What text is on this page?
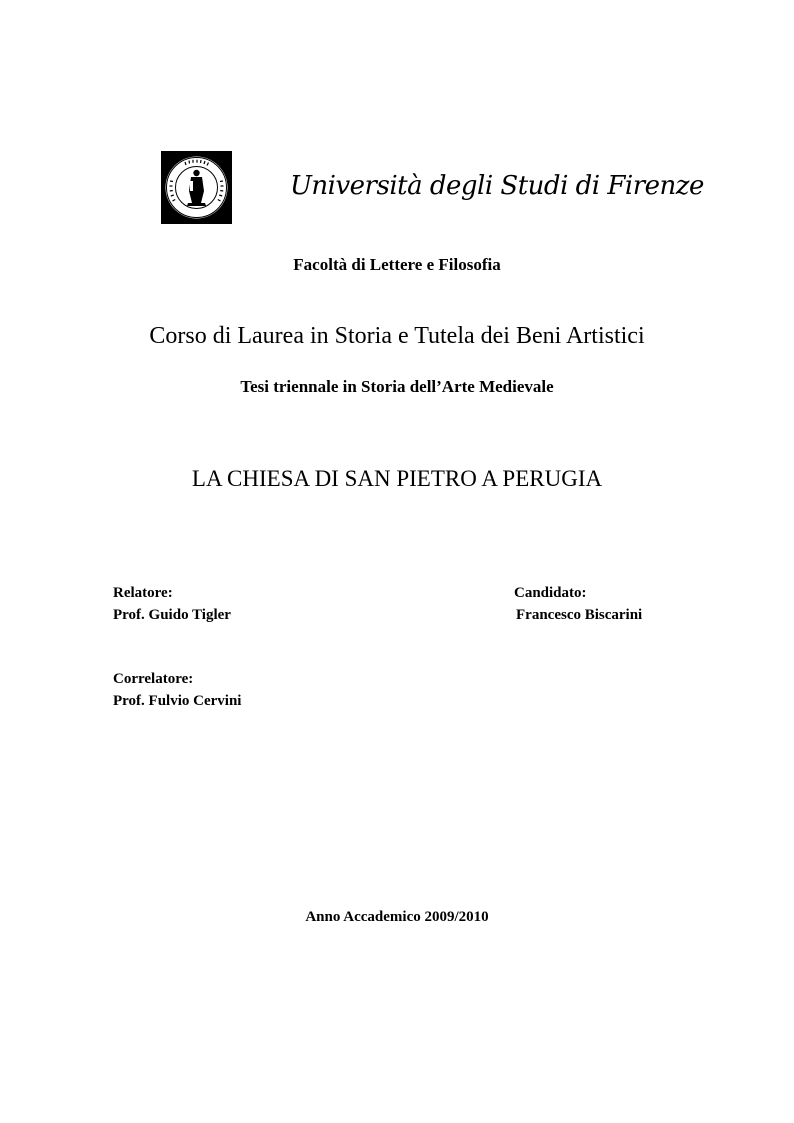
Università degli Studi di Firenze
Facoltà di Lettere e Filosofia
Corso di Laurea in Storia e Tutela dei Beni Artistici
Tesi triennale in Storia dell’Arte Medievale
LA CHIESA DI SAN PIETRO A PERUGIA
Relatore:
Prof. Guido Tigler
Candidato:
Francesco Biscarini
Correlatore:
Prof. Fulvio Cervini
Anno Accademico 2009/2010
